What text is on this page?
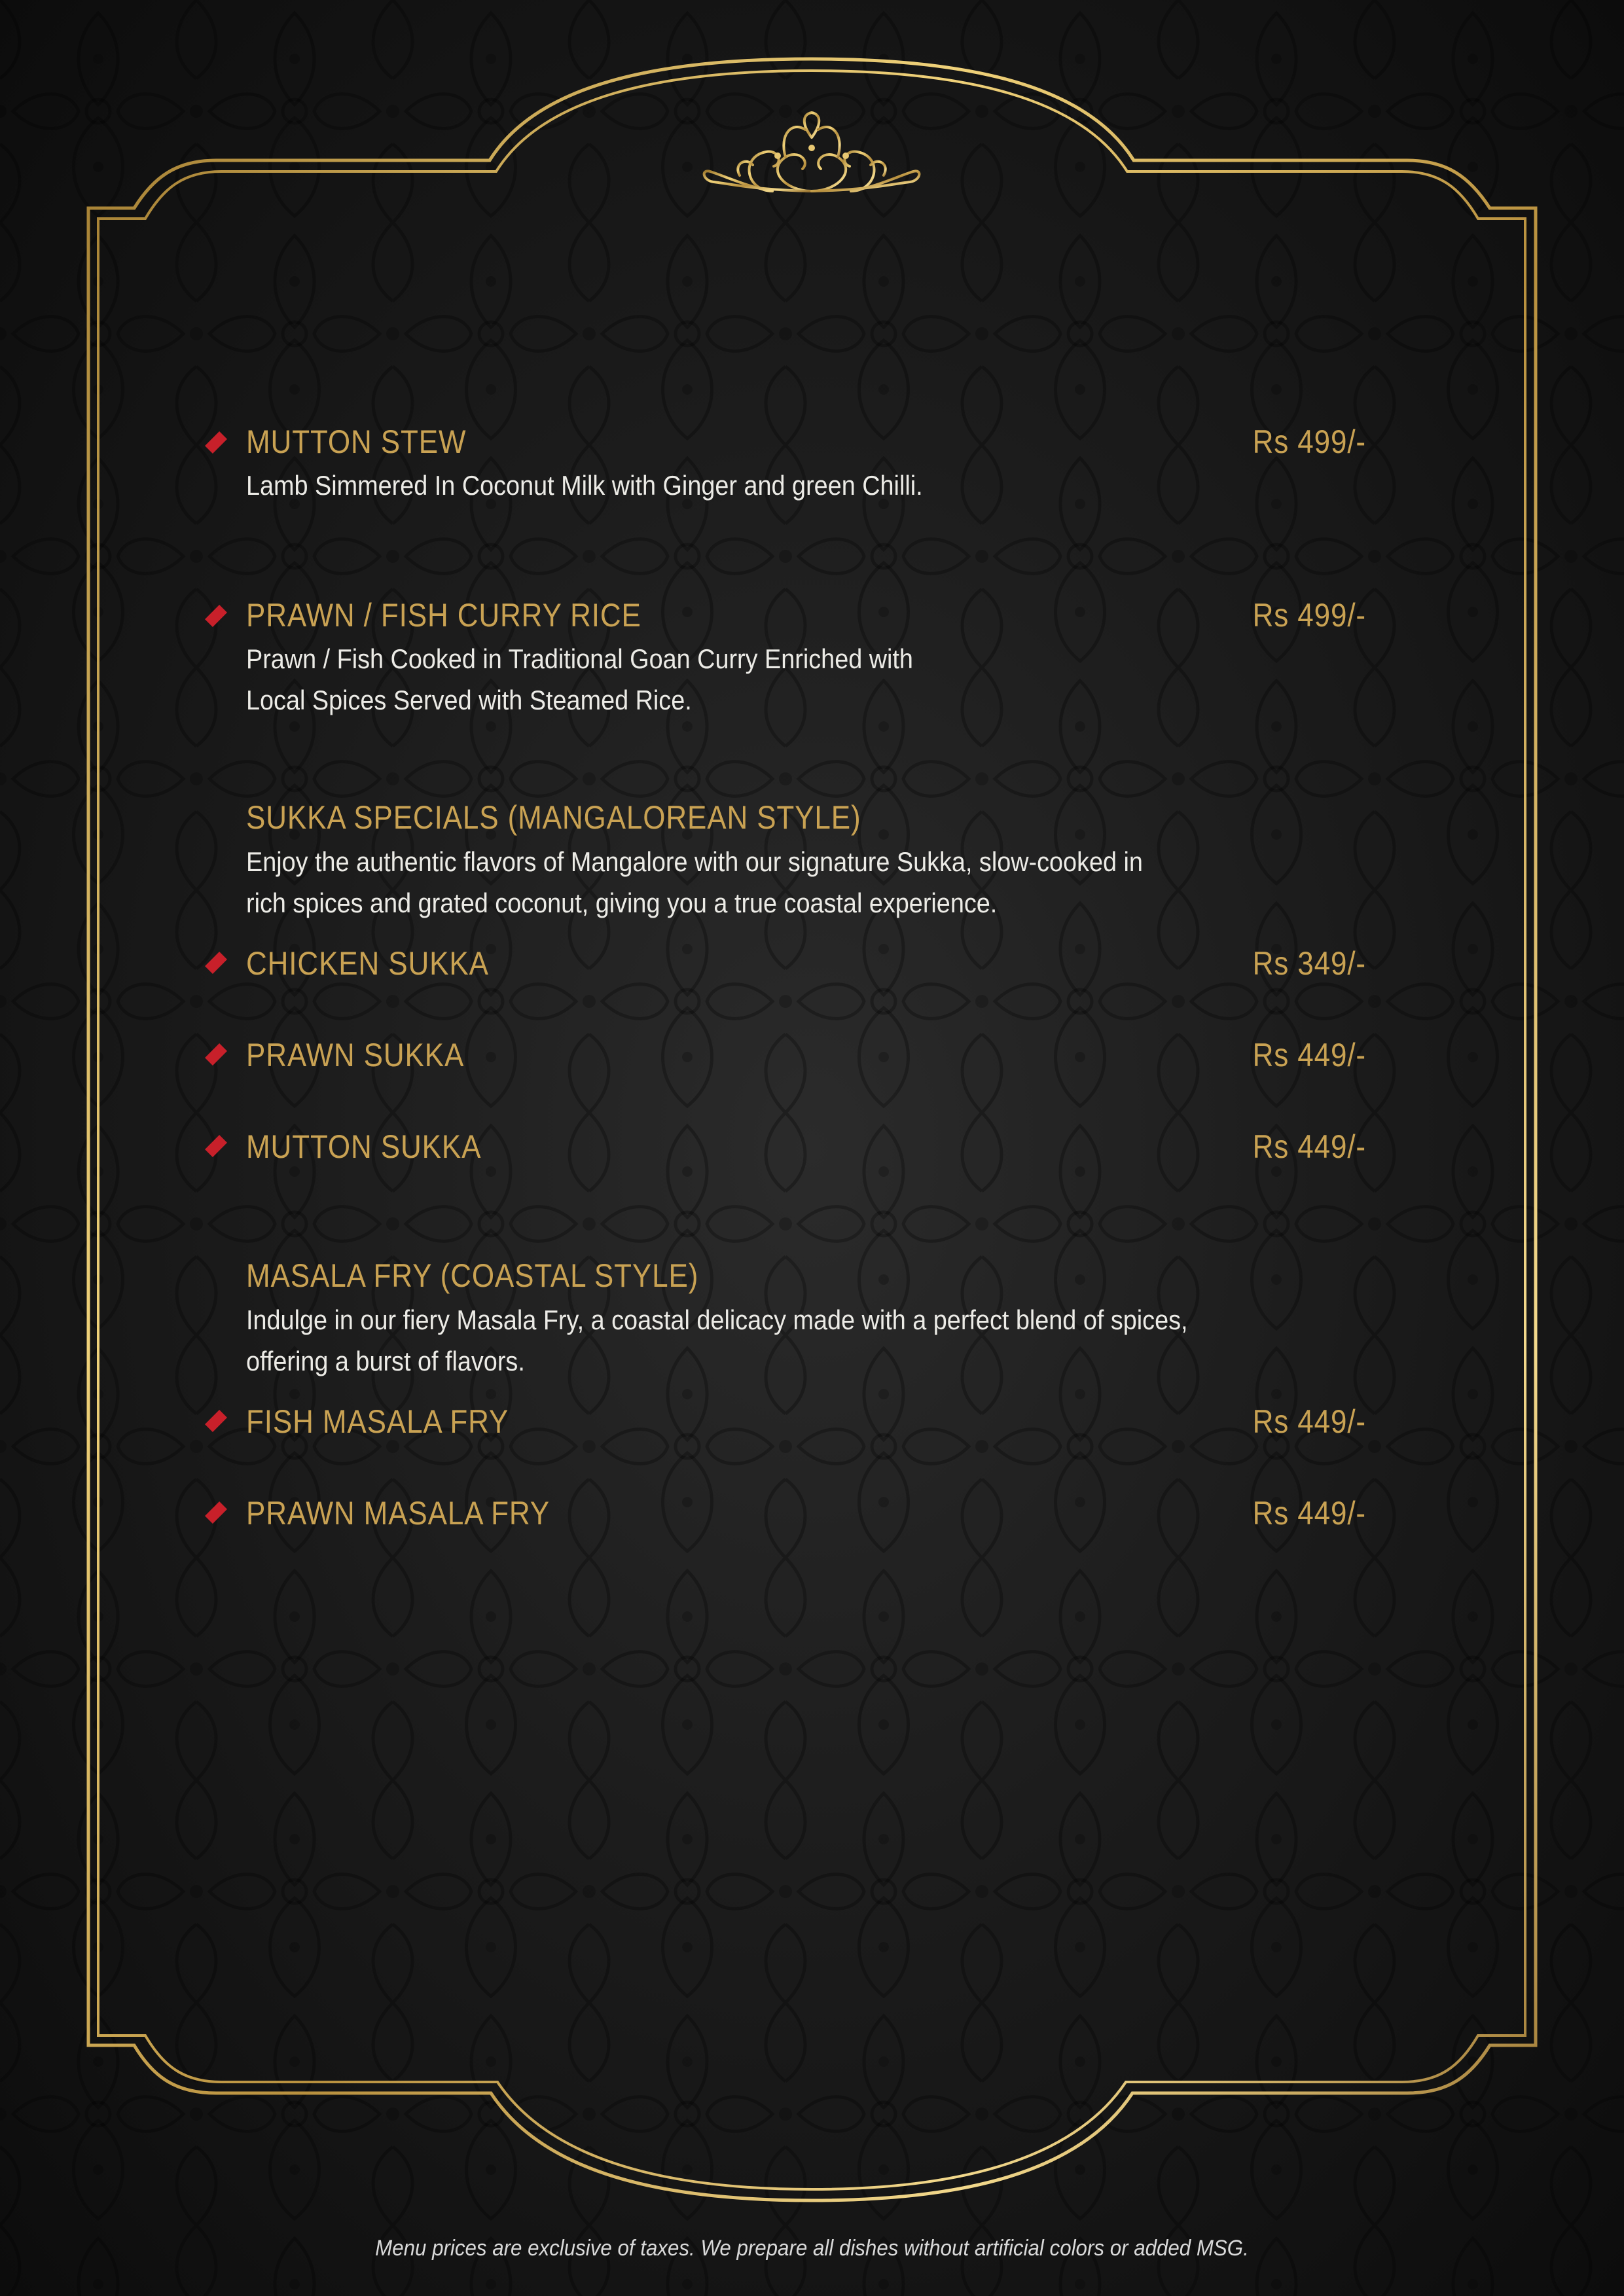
MUTTON STEW	Rs 499/-
Lamb Simmered In Coconut Milk with Ginger and green Chilli.
PRAWN / FISH CURRY RICE	Rs 499/-
Prawn / Fish Cooked in Traditional Goan Curry Enriched with
Local Spices Served with Steamed Rice.
SUKKA SPECIALS (MANGALOREAN STYLE)
Enjoy the authentic flavors of Mangalore with our signature Sukka, slow-cooked in
rich spices and grated coconut, giving you a true coastal experience.
CHICKEN SUKKA	Rs 349/-
PRAWN SUKKA	Rs 449/-
MUTTON SUKKA	Rs 449/-
MASALA FRY (COASTAL STYLE)
Indulge in our fiery Masala Fry, a coastal delicacy made with a perfect blend of spices,
offering a burst of flavors.
FISH MASALA FRY	Rs 449/-
PRAWN MASALA FRY	Rs 449/-
Menu prices are exclusive of taxes. We prepare all dishes without artificial colors or added MSG.
